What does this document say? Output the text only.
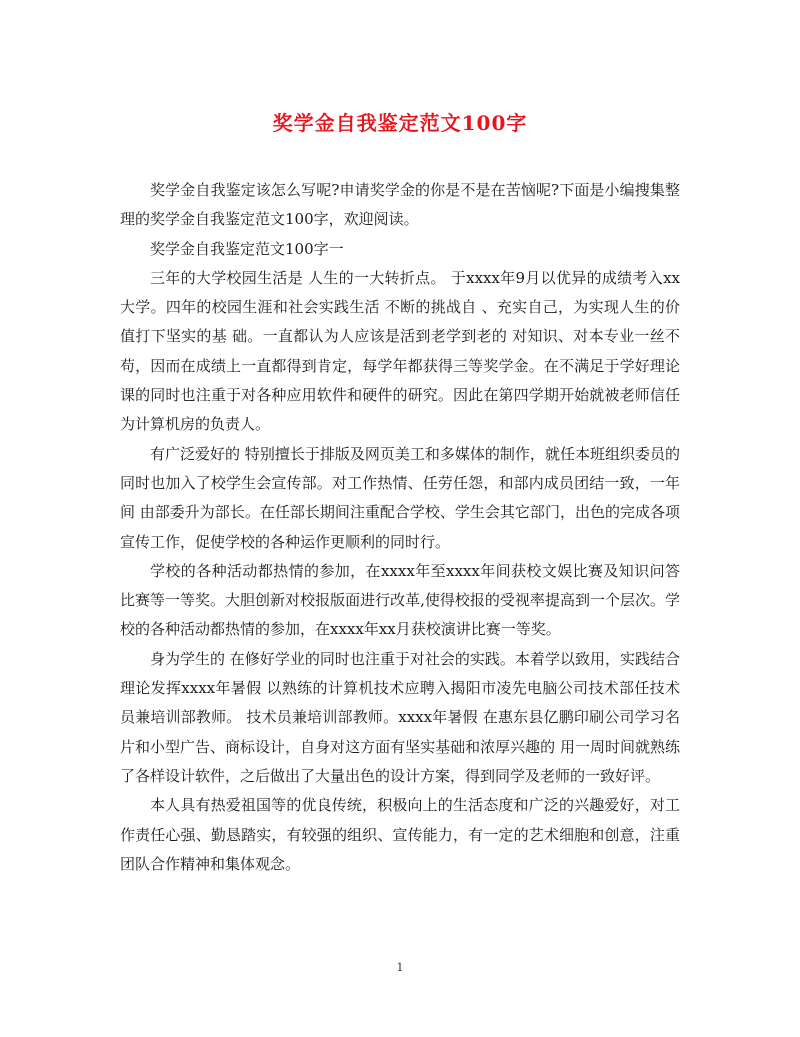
奖学金自我鉴定范文100字

奖学金自我鉴定该怎么写呢?申请奖学金的你是不是在苦恼呢?下面是小编搜集整理的奖学金自我鉴定范文100字，欢迎阅读。

奖学金自我鉴定范文100字一

三年的大学校园生活是 人生的一大转折点。 于xxxx年9月以优异的成绩考入xx大学。四年的校园生涯和社会实践生活 不断的挑战自 、充实自己，为实现人生的价值打下坚实的基 础。一直都认为人应该是活到老学到老的 对知识、对本专业一丝不苟，因而在成绩上一直都得到肯定，每学年都获得三等奖学金。在不满足于学好理论课的同时也注重于对各种应用软件和硬件的研究。因此在第四学期开始就被老师信任为计算机房的负责人。

有广泛爱好的 特别擅长于排版及网页美工和多媒体的制作，就任本班组织委员的同时也加入了校学生会宣传部。对工作热情、任劳任怨，和部内成员团结一致，一年间 由部委升为部长。在任部长期间注重配合学校、学生会其它部门，出色的完成各项宣传工作，促使学校的各种运作更顺利的同时行。

学校的各种活动都热情的参加，在xxxx年至xxxx年间获校文娱比赛及知识问答比赛等一等奖。大胆创新对校报版面进行改革,使得校报的受视率提高到一个层次。学校的各种活动都热情的参加，在xxxx年xx月获校演讲比赛一等奖。

身为学生的 在修好学业的同时也注重于对社会的实践。本着学以致用，实践结合理论发挥xxxx年暑假 以熟练的计算机技术应聘入揭阳市凌先电脑公司技术部任技术员兼培训部教师。 技术员兼培训部教师。xxxx年暑假 在惠东县亿鹏印刷公司学习名片和小型广告、商标设计，自身对这方面有坚实基础和浓厚兴趣的 用一周时间就熟练了各样设计软件，之后做出了大量出色的设计方案，得到同学及老师的一致好评。

本人具有热爱祖国等的优良传统，积极向上的生活态度和广泛的兴趣爱好，对工作责任心强、勤恳踏实，有较强的组织、宣传能力，有一定的艺术细胞和创意，注重团队合作精神和集体观念。

1
